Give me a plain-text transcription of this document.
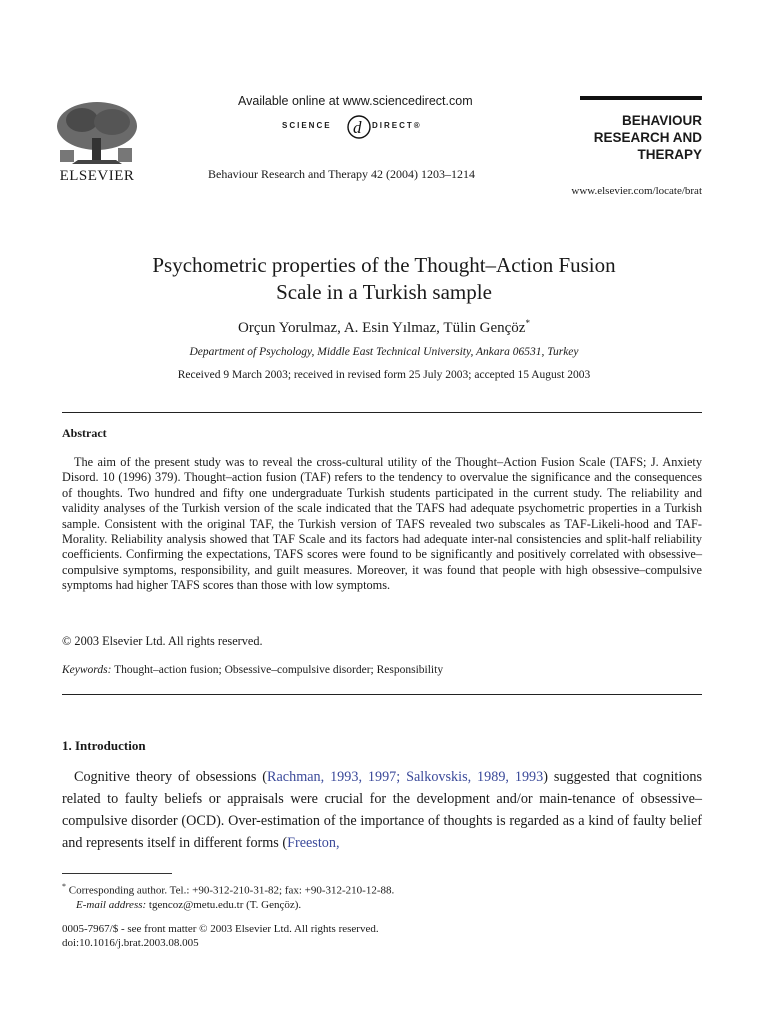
ELSEVIER
Available online at www.sciencedirect.com
SCIENCE d DIRECT®
Behaviour Research and Therapy 42 (2004) 1203–1214
BEHAVIOUR
RESEARCH AND
THERAPY
www.elsevier.com/locate/brat
Psychometric properties of the Thought–Action Fusion
Scale in a Turkish sample
Orçun Yorulmaz, A. Esin Yılmaz, Tülin Gençöz*
Department of Psychology, Middle East Technical University, Ankara 06531, Turkey
Received 9 March 2003; received in revised form 25 July 2003; accepted 15 August 2003
Abstract
The aim of the present study was to reveal the cross-cultural utility of the Thought–Action Fusion Scale (TAFS; J. Anxiety Disord. 10 (1996) 379). Thought–action fusion (TAF) refers to the tendency to overvalue the significance and the consequences of thoughts. Two hundred and fifty one undergraduate Turkish students participated in the current study. The reliability and validity analyses of the Turkish version of the scale indicated that the TAFS had adequate psychometric properties in a Turkish sample. Consistent with the original TAF, the Turkish version of TAFS revealed two subscales as TAF-Likeli-hood and TAF-Morality. Reliability analysis showed that TAF Scale and its factors had adequate inter-nal consistencies and split-half reliability coefficients. Confirming the expectations, TAFS scores were found to be significantly and positively correlated with obsessive–compulsive symptoms, responsibility, and guilt measures. Moreover, it was found that people with high obsessive–compulsive symptoms had higher TAFS scores than those with low symptoms.
© 2003 Elsevier Ltd. All rights reserved.
Keywords: Thought–action fusion; Obsessive–compulsive disorder; Responsibility
1. Introduction
Cognitive theory of obsessions (Rachman, 1993, 1997; Salkovskis, 1989, 1993) suggested that cognitions related to faulty beliefs or appraisals were crucial for the development and/or main-tenance of obsessive–compulsive disorder (OCD). Over-estimation of the importance of thoughts is regarded as a kind of faulty belief and represents itself in different forms (Freeston,
* Corresponding author. Tel.: +90-312-210-31-82; fax: +90-312-210-12-88.
E-mail address: tgencoz@metu.edu.tr (T. Gençöz).
0005-7967/$ - see front matter © 2003 Elsevier Ltd. All rights reserved.
doi:10.1016/j.brat.2003.08.005
